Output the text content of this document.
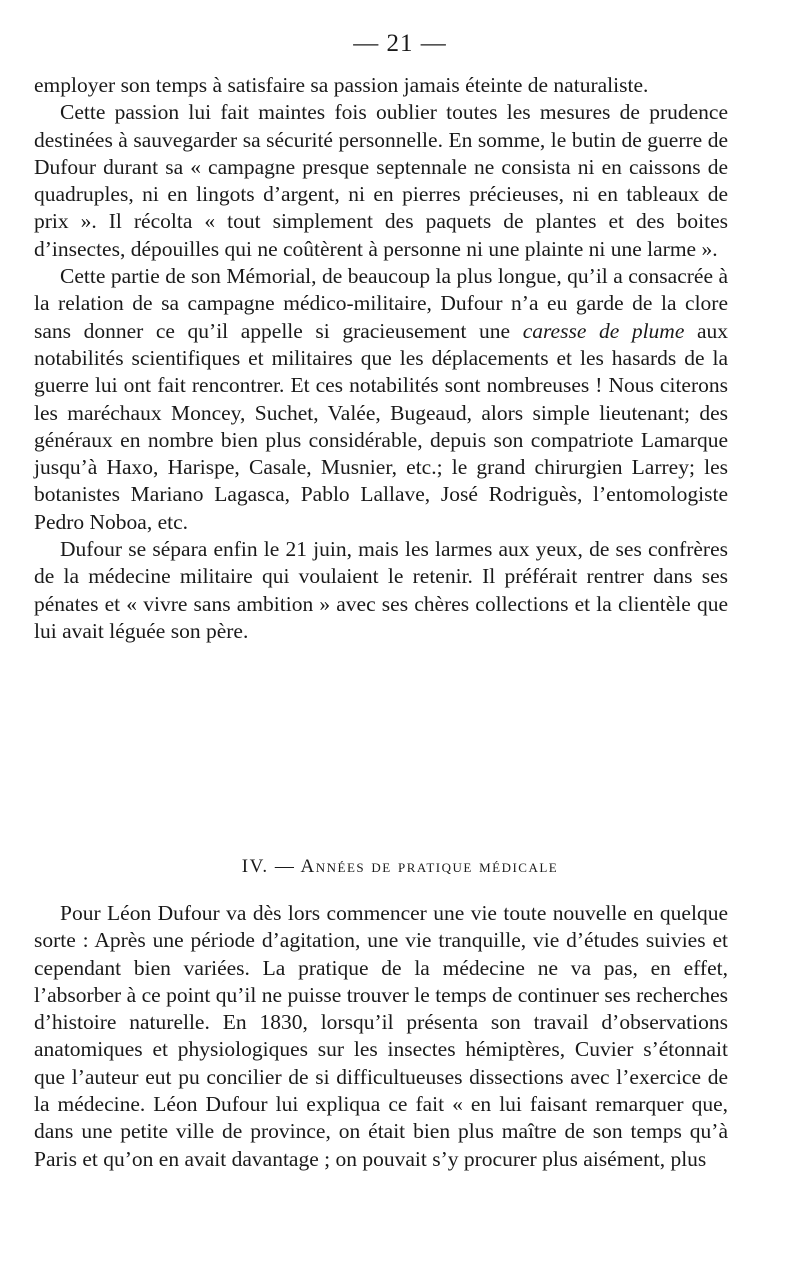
— 21 —

employer son temps à satisfaire sa passion jamais éteinte de naturaliste.

Cette passion lui fait maintes fois oublier toutes les mesures de prudence destinées à sauvegarder sa sécurité personnelle. En somme, le butin de guerre de Dufour durant sa « campagne presque septennale ne consista ni en caissons de quadruples, ni en lingots d’argent, ni en pierres précieuses, ni en tableaux de prix ». Il récolta « tout simplement des paquets de plantes et des boites d’insectes, dépouilles qui ne coûtèrent à personne ni une plainte ni une larme ».

Cette partie de son Mémorial, de beaucoup la plus longue, qu’il a consacrée à la relation de sa campagne médico-militaire, Dufour n’a eu garde de la clore sans donner ce qu’il appelle si gracieusement une caresse de plume aux notabilités scientifiques et militaires que les déplacements et les hasards de la guerre lui ont fait rencontrer. Et ces notabilités sont nombreuses ! Nous citerons les maréchaux Moncey, Suchet, Valée, Bugeaud, alors simple lieutenant; des généraux en nombre bien plus considérable, depuis son compatriote Lamarque jusqu’à Haxo, Harispe, Casale, Musnier, etc.; le grand chirurgien Larrey; les botanistes Mariano Lagasca, Pablo Lallave, José Rodriguès, l’entomologiste Pedro Noboa, etc.

Dufour se sépara enfin le 21 juin, mais les larmes aux yeux, de ses confrères de la médecine militaire qui voulaient le retenir. Il préférait rentrer dans ses pénates et « vivre sans ambition » avec ses chères collections et la clientèle que lui avait léguée son père.

IV. — Années de pratique médicale

Pour Léon Dufour va dès lors commencer une vie toute nouvelle en quelque sorte : Après une période d’agitation, une vie tranquille, vie d’études suivies et cependant bien variées. La pratique de la médecine ne va pas, en effet, l’absorber à ce point qu’il ne puisse trouver le temps de continuer ses recherches d’histoire naturelle. En 1830, lorsqu’il présenta son travail d’observations anatomiques et physiologiques sur les insectes hémiptères, Cuvier s’étonnait que l’auteur eut pu concilier de si difficultueuses dissections avec l’exercice de la médecine. Léon Dufour lui expliqua ce fait « en lui faisant remarquer que, dans une petite ville de province, on était bien plus maître de son temps qu’à Paris et qu’on en avait davantage ; on pouvait s’y procurer plus aisément, plus
